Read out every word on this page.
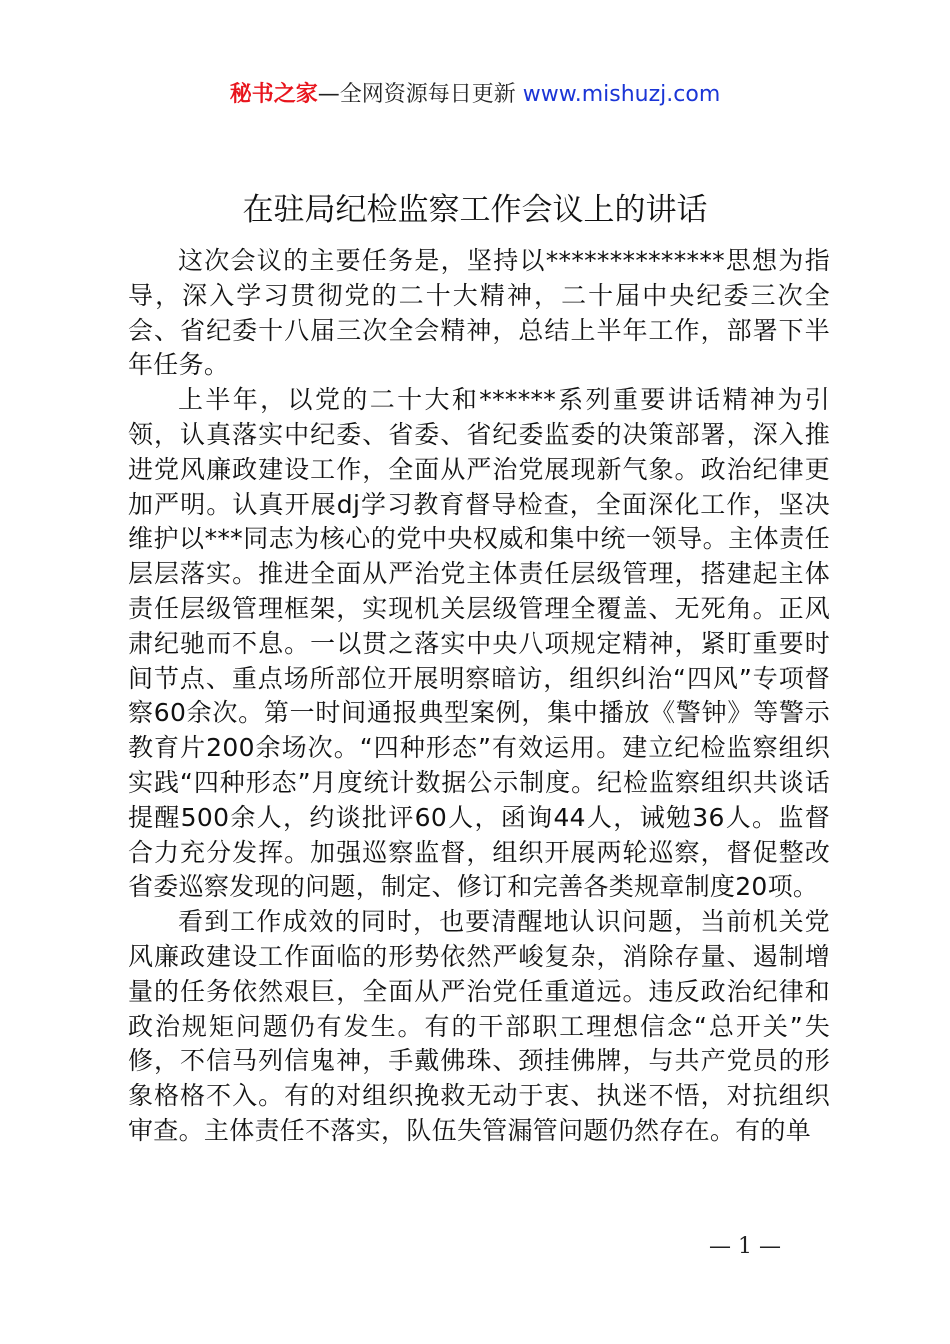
秘书之家—全网资源每日更新 www.mishuzj.com
在驻局纪检监察工作会议上的讲话

这次会议的主要任务是，坚持以**************思想为指导，深入学习贯彻党的二十大精神，二十届中央纪委三次全会、省纪委十八届三次全会精神，总结上半年工作，部署下半年任务。

上半年，以党的二十大和******系列重要讲话精神为引领，认真落实中纪委、省委、省纪委监委的决策部署，深入推进党风廉政建设工作，全面从严治党展现新气象。政治纪律更加严明。认真开展dj学习教育督导检查，全面深化工作，坚决维护以***同志为核心的党中央权威和集中统一领导。主体责任层层落实。推进全面从严治党主体责任层级管理，搭建起主体责任层级管理框架，实现机关层级管理全覆盖、无死角。正风肃纪驰而不息。一以贯之落实中央八项规定精神，紧盯重要时间节点、重点场所部位开展明察暗访，组织纠治“四风”专项督察60余次。第一时间通报典型案例，集中播放《警钟》等警示教育片200余场次。“四种形态”有效运用。建立纪检监察组织实践“四种形态”月度统计数据公示制度。纪检监察组织共谈话提醒500余人，约谈批评60人，函询44人，诫勉36人。监督合力充分发挥。加强巡察监督，组织开展两轮巡察，督促整改省委巡察发现的问题，制定、修订和完善各类规章制度20项。

看到工作成效的同时，也要清醒地认识问题，当前机关党风廉政建设工作面临的形势依然严峻复杂，消除存量、遏制增量的任务依然艰巨，全面从严治党任重道远。违反政治纪律和政治规矩问题仍有发生。有的干部职工理想信念“总开关”失修，不信马列信鬼神，手戴佛珠、颈挂佛牌，与共产党员的形象格格不入。有的对组织挽救无动于衷、执迷不悟，对抗组织审查。主体责任不落实，队伍失管漏管问题仍然存在。有的单

— 1 —
